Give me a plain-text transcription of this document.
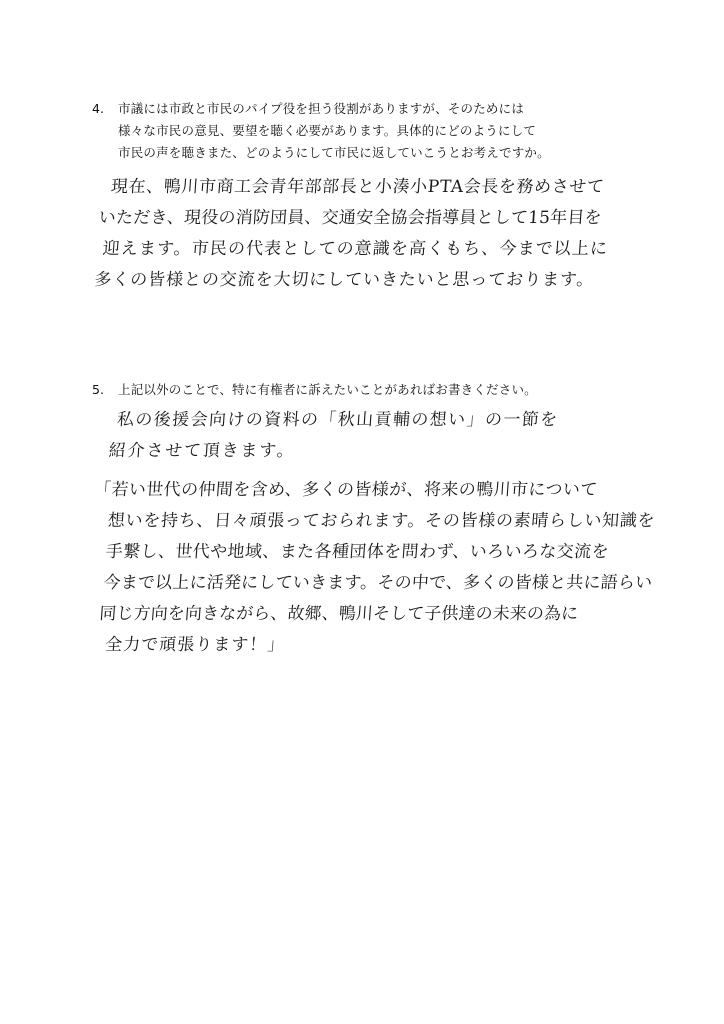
4. 市議には市政と市民のパイプ役を担う役割がありますが、そのためには
様々な市民の意見、要望を聴く必要があります。具体的にどのようにして
市民の声を聴きまた、どのようにして市民に返していこうとお考えですか。
現在、鴨川市商工会青年部部長と小湊小PTA会長を務めさせて
いただき、現役の消防団員、交通安全協会指導員として15年目を
迎えます。市民の代表としての意識を高くもち、今まで以上に
多くの皆様との交流を大切にしていきたいと思っております。
5. 上記以外のことで、特に有権者に訴えたいことがあればお書きください。
私の後援会向けの資料の「秋山貢輔の想い」の一節を
紹介させて頂きます。
「若い世代の仲間を含め、多くの皆様が、将来の鴨川市について
想いを持ち、日々頑張っておられます。その皆様の素晴らしい知識を
手繋し、世代や地域、また各種団体を問わず、いろいろな交流を
今まで以上に活発にしていきます。その中で、多くの皆様と共に語らい
同じ方向を向きながら、故郷、鴨川そして子供達の未来の為に
全力で頑張ります！」
